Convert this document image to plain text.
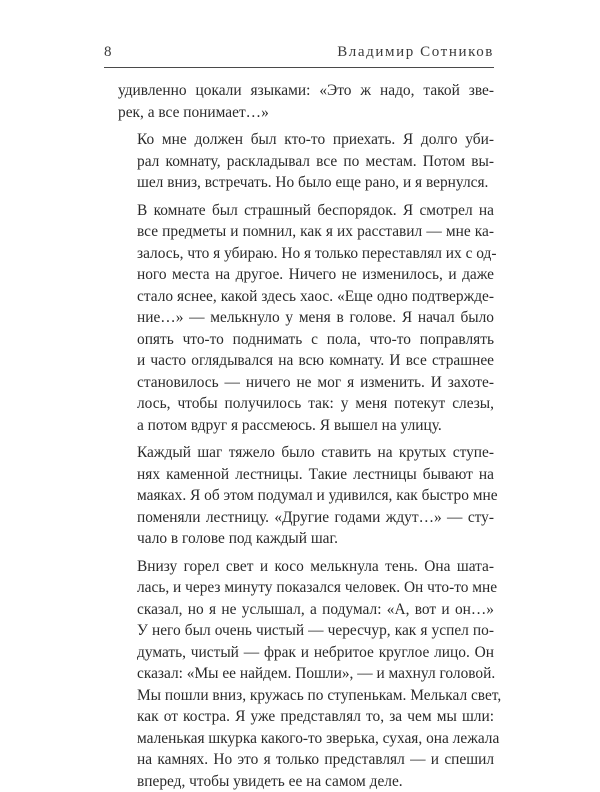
8	Владимир Сотников

удивленно цокали языками: «Это ж надо, такой зве-
рек, а все понимает…»

Ко мне должен был кто-то приехать. Я долго уби-
рал комнату, раскладывал все по местам. Потом вы-
шел вниз, встречать. Но было еще рано, и я вернулся.

В комнате был страшный беспорядок. Я смотрел на
все предметы и помнил, как я их расставил — мне ка-
залось, что я убираю. Но я только переставлял их с од-
ного места на другое. Ничего не изменилось, и даже
стало яснее, какой здесь хаос. «Еще одно подтвержде-
ние…» — мелькнуло у меня в голове. Я начал было
опять что-то поднимать с пола, что-то поправлять
и часто оглядывался на всю комнату. И все страшнее
становилось — ничего не мог я изменить. И захоте-
лось, чтобы получилось так: у меня потекут слезы,
а потом вдруг я рассмеюсь. Я вышел на улицу.

Каждый шаг тяжело было ставить на крутых ступе-
нях каменной лестницы. Такие лестницы бывают на
маяках. Я об этом подумал и удивился, как быстро мне
поменяли лестницу. «Другие годами ждут…» — сту-
чало в голове под каждый шаг.

Внизу горел свет и косо мелькнула тень. Она шата-
лась, и через минуту показался человек. Он что-то мне
сказал, но я не услышал, а подумал: «А, вот и он…»
У него был очень чистый — чересчур, как я успел по-
думать, чистый — фрак и небритое круглое лицо. Он
сказал: «Мы ее найдем. Пошли», — и махнул головой.
Мы пошли вниз, кружась по ступенькам. Мелькал свет,
как от костра. Я уже представлял то, за чем мы шли:
маленькая шкурка какого-то зверька, сухая, она лежала
на камнях. Но это я только представлял — и спешил
вперед, чтобы увидеть ее на самом деле.
